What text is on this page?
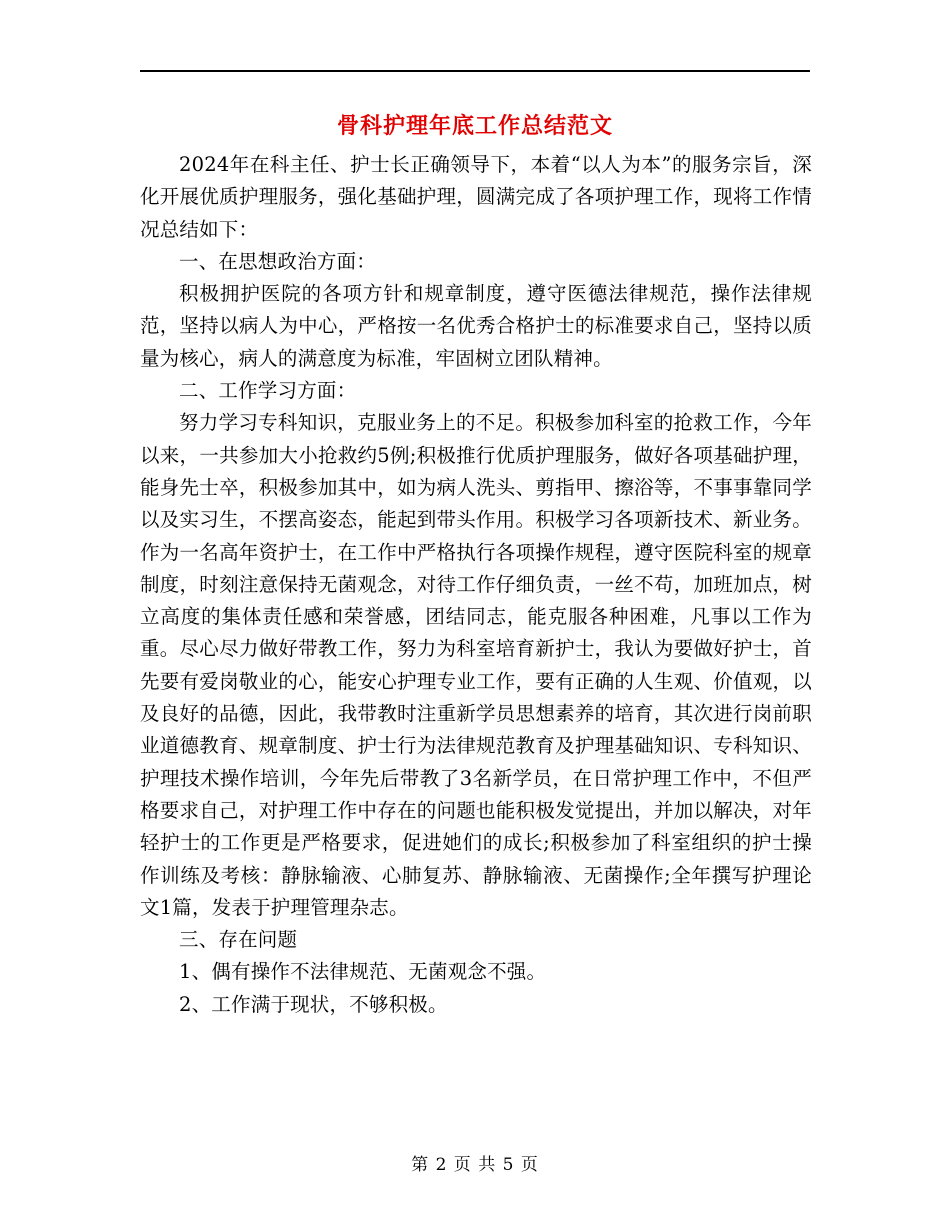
骨科护理年底工作总结范文

2024年在科主任、护士长正确领导下，本着“以人为本”的服务宗旨，深化开展优质护理服务，强化基础护理，圆满完成了各项护理工作，现将工作情况总结如下：

一、在思想政治方面：

积极拥护医院的各项方针和规章制度，遵守医德法律规范，操作法律规范，坚持以病人为中心，严格按一名优秀合格护士的标准要求自己，坚持以质量为核心，病人的满意度为标准，牢固树立团队精神。

二、工作学习方面：

努力学习专科知识，克服业务上的不足。积极参加科室的抢救工作，今年以来，一共参加大小抢救约5例;积极推行优质护理服务，做好各项基础护理，能身先士卒，积极参加其中，如为病人洗头、剪指甲、擦浴等，不事事靠同学以及实习生，不摆高姿态，能起到带头作用。积极学习各项新技术、新业务。作为一名高年资护士，在工作中严格执行各项操作规程，遵守医院科室的规章制度，时刻注意保持无菌观念，对待工作仔细负责，一丝不苟，加班加点，树立高度的集体责任感和荣誉感，团结同志，能克服各种困难，凡事以工作为重。尽心尽力做好带教工作，努力为科室培育新护士，我认为要做好护士，首先要有爱岗敬业的心，能安心护理专业工作，要有正确的人生观、价值观，以及良好的品德，因此，我带教时注重新学员思想素养的培育，其次进行岗前职业道德教育、规章制度、护士行为法律规范教育及护理基础知识、专科知识、护理技术操作培训，今年先后带教了3名新学员，在日常护理工作中，不但严格要求自己，对护理工作中存在的问题也能积极发觉提出，并加以解决，对年轻护士的工作更是严格要求，促进她们的成长;积极参加了科室组织的护士操作训练及考核：静脉输液、心肺复苏、静脉输液、无菌操作;全年撰写护理论文1篇，发表于护理管理杂志。

三、存在问题

1、偶有操作不法律规范、无菌观念不强。

2、工作满于现状，不够积极。

第 2 页 共 5 页
